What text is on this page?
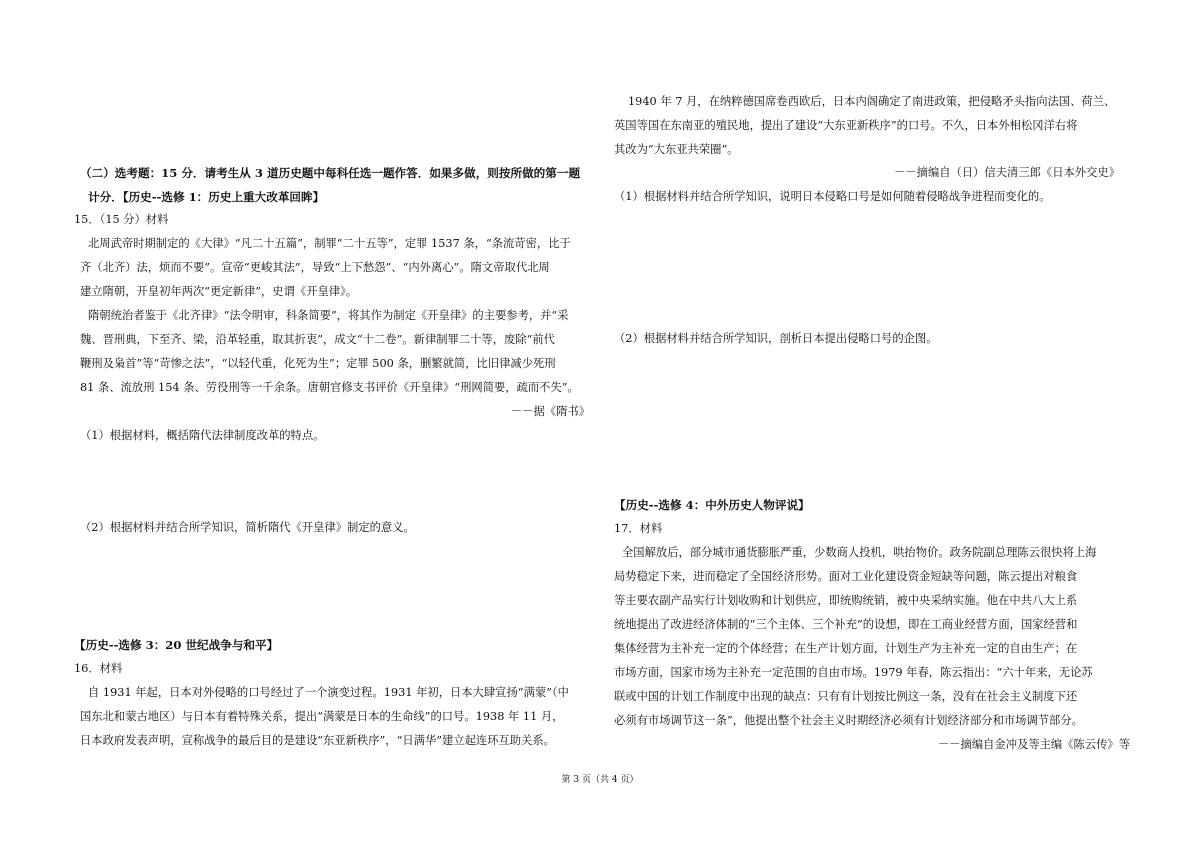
（二）选考题：15 分．请考生从 3 道历史题中每科任选一题作答．如果多做，则按所做的第一题
计分．【历史--选修 1：历史上重大改革回眸】
15．（15 分）材料
北周武帝时期制定的《大律》“凡二十五篇”，制罪“二十五等”，定罪 1537 条，“条流苛密，比于
齐（北齐）法，烦而不要”。宣帝“更峻其法”，导致“上下愁怨”、“内外离心”。隋文帝取代北周
建立隋朝，开皇初年两次“更定新律”，史谓《开皇律》。
隋朝统治者鉴于《北齐律》“法令明审，科条简要”，将其作为制定《开皇律》的主要参考，并“采
魏、晋刑典，下至齐、梁，沿革轻重，取其折衷”，成文“十二卷”。新律制罪二十等，废除“前代
鞭刑及枭首”等“苛惨之法”，“以轻代重，化死为生”；定罪 500 条，删繁就简，比旧律减少死刑
81 条、流放刑 154 条、劳役刑等一千余条。唐朝官修支书评价《开皇律》“刑网简要，疏而不失”。
－－据《隋书》
（1）根据材料，概括隋代法律制度改革的特点。
（2）根据材料并结合所学知识，简析隋代《开皇律》制定的意义。
【历史--选修 3：20 世纪战争与和平】
16．材料
自 1931 年起，日本对外侵略的口号经过了一个演变过程。1931 年初，日本大肆宣扬“满蒙”（中
国东北和蒙古地区）与日本有着特殊关系，提出“满蒙是日本的生命线”的口号。1938 年 11 月，
日本政府发表声明，宣称战争的最后目的是建设“东亚新秩序”，“日满华”建立起连环互助关系。
1940 年 7 月，在纳粹德国席卷西欧后，日本内阁确定了南进政策，把侵略矛头指向法国、荷兰、
英国等国在东南亚的殖民地，提出了建设“大东亚新秩序”的口号。不久，日本外相松冈洋右将
其改为“大东亚共荣圈”。
－－摘编自（日）信夫清三郎《日本外交史》
（1）根据材料并结合所学知识，说明日本侵略口号是如何随着侵略战争进程而变化的。
（2）根据材料并结合所学知识，剖析日本提出侵略口号的企图。
【历史--选修 4：中外历史人物评说】
17．材料
全国解放后，部分城市通货膨胀严重，少数商人投机，哄抬物价。政务院副总理陈云很快将上海
局势稳定下来，进而稳定了全国经济形势。面对工业化建设资金短缺等问题，陈云提出对粮食
等主要农副产品实行计划收购和计划供应，即统购统销，被中央采纳实施。他在中共八大上系
统地提出了改进经济体制的“三个主体、三个补充”的设想，即在工商业经营方面，国家经营和
集体经营为主补充一定的个体经营；在生产计划方面，计划生产为主补充一定的自由生产；在
市场方面，国家市场为主补充一定范围的自由市场。1979 年春，陈云指出：“六十年来，无论苏
联或中国的计划工作制度中出现的缺点：只有有计划按比例这一条，没有在社会主义制度下还
必须有市场调节这一条”，他提出整个社会主义时期经济必须有计划经济部分和市场调节部分。
－－摘编自金冲及等主编《陈云传》等
第 3 页（共 4 页）
